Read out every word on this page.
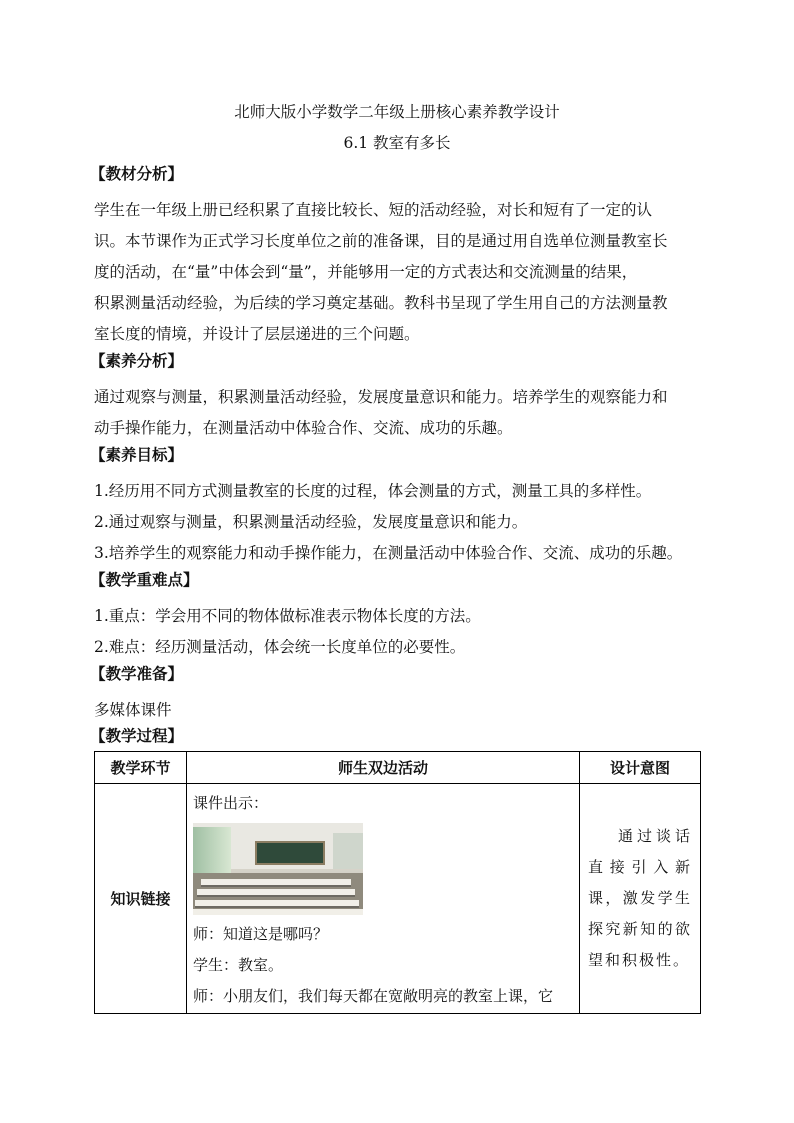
北师大版小学数学二年级上册核心素养教学设计
6.1 教室有多长
【教材分析】

学生在一年级上册已经积累了直接比较长、短的活动经验，对长和短有了一定的认

识。本节课作为正式学习长度单位之前的准备课，目的是通过用自选单位测量教室长

度的活动，在“量”中体会到“量”，并能够用一定的方式表达和交流测量的结果，

积累测量活动经验，为后续的学习奠定基础。教科书呈现了学生用自己的方法测量教

室长度的情境，并设计了层层递进的三个问题。

【素养分析】

通过观察与测量，积累测量活动经验，发展度量意识和能力。培养学生的观察能力和

动手操作能力，在测量活动中体验合作、交流、成功的乐趣。

【素养目标】

1.经历用不同方式测量教室的长度的过程，体会测量的方式，测量工具的多样性。

2.通过观察与测量，积累测量活动经验，发展度量意识和能力。

3.培养学生的观察能力和动手操作能力，在测量活动中体验合作、交流、成功的乐趣。

【教学重难点】

1.重点：学会用不同的物体做标准表示物体长度的方法。

2.难点：经历测量活动，体会统一长度单位的必要性。

【教学准备】

多媒体课件

【教学过程】
教学环节	师生双边活动	设计意图
知识链接	课件出示：

师：知道这是哪吗？

学生：教室。

师：小朋友们，我们每天都在宽敞明亮的教室上课，它	通过谈话直接引入新课，激发学生探究新知的欲望和积极性。
